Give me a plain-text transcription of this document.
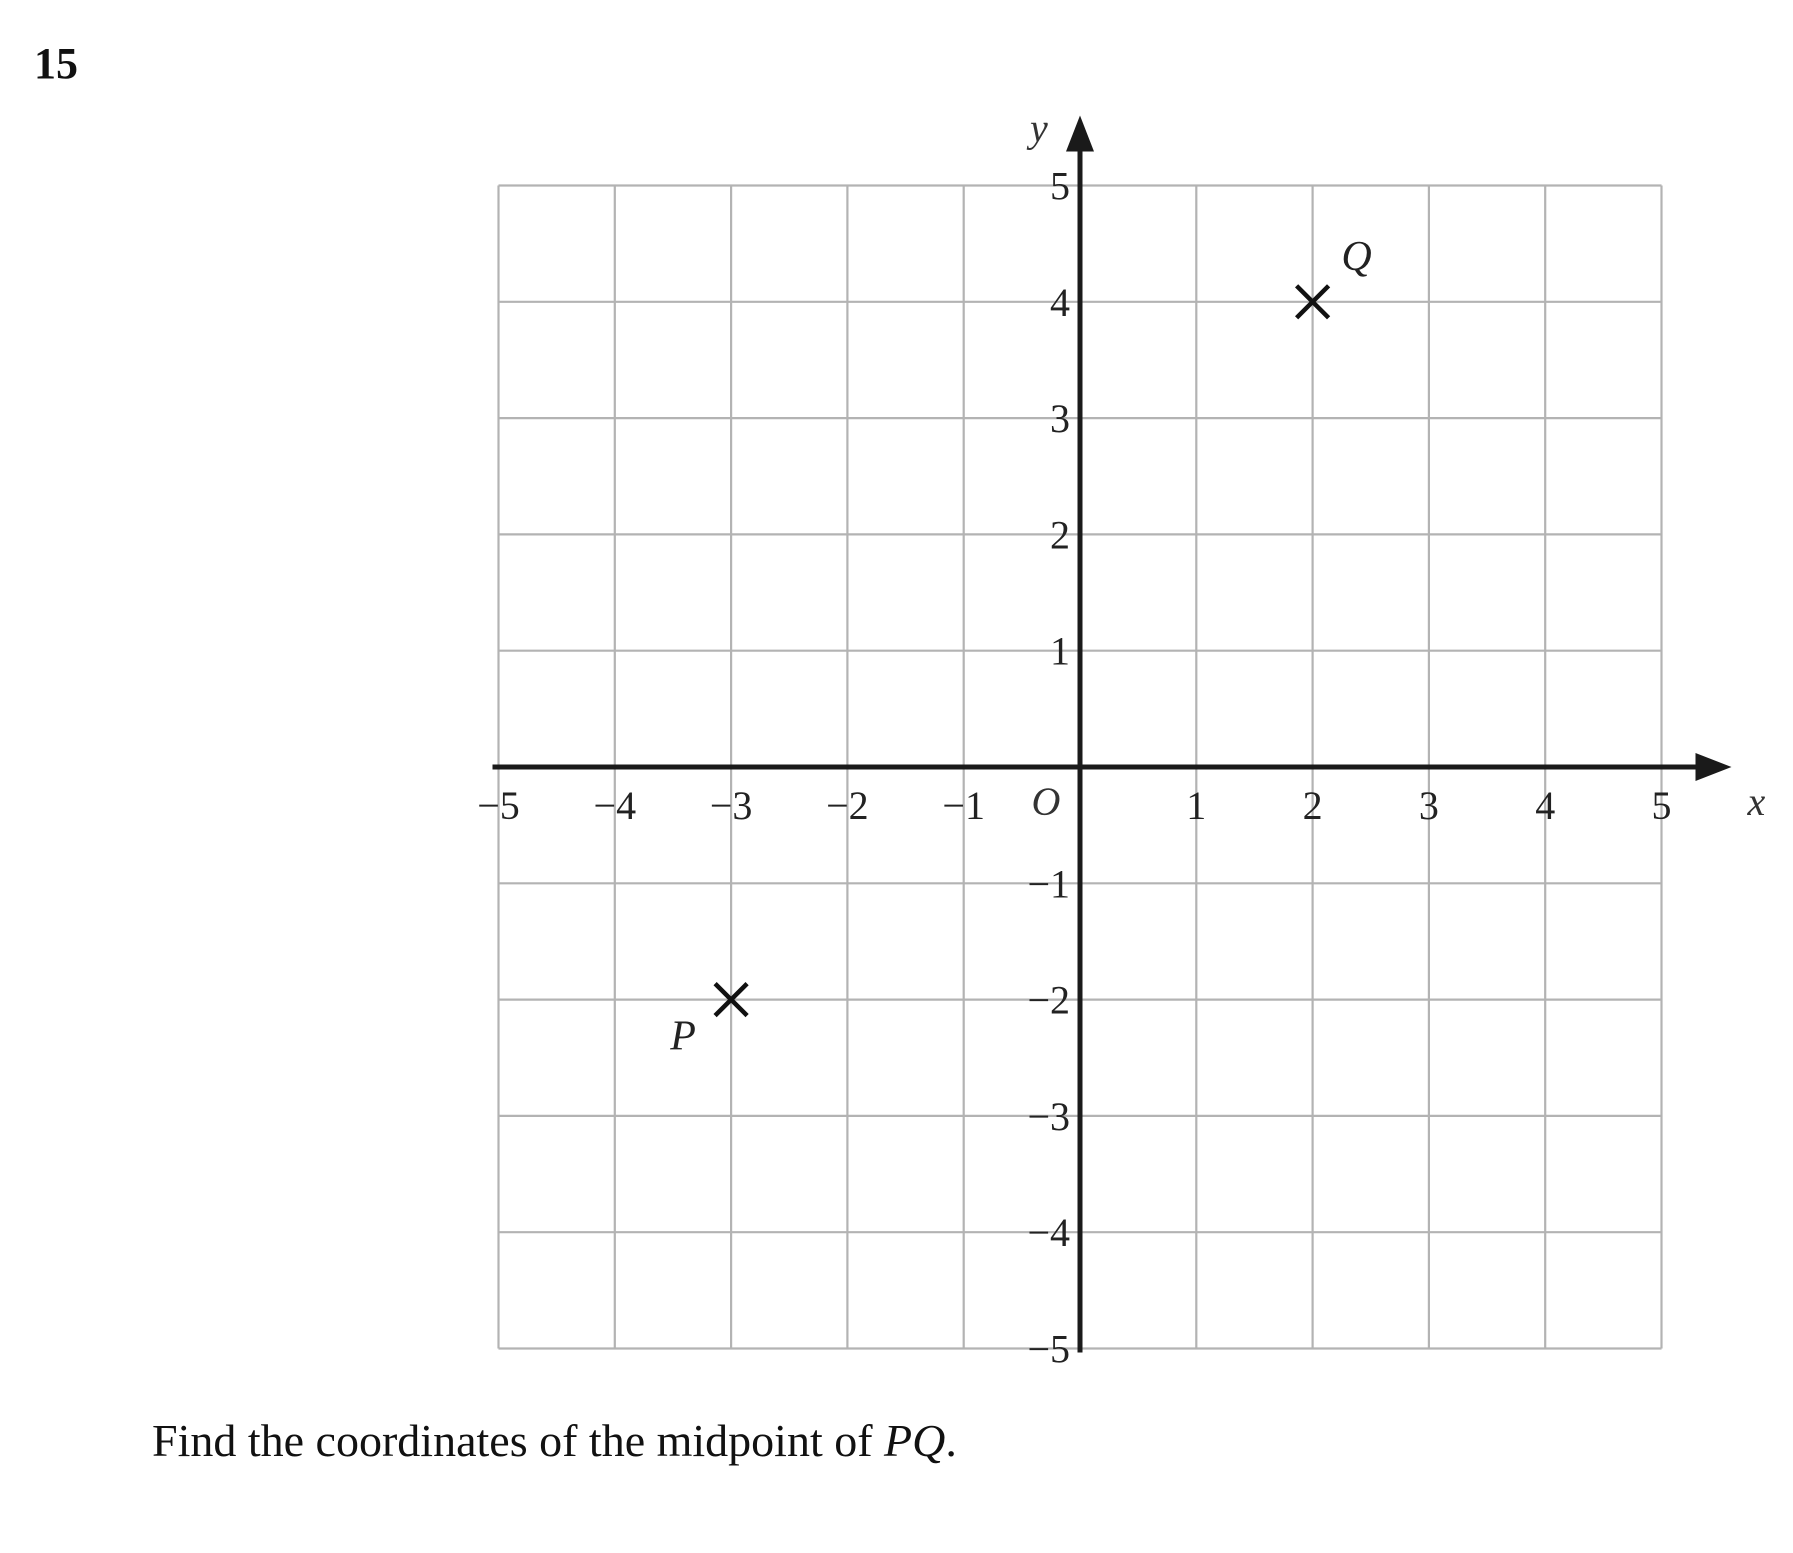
15
x
y
O
−5 −4 −3 −2 −1	1 2 3 4 5
5
4
3
2
1
−1
−2
−3
−4
−5
P
Q
Find the coordinates of the midpoint of PQ.
